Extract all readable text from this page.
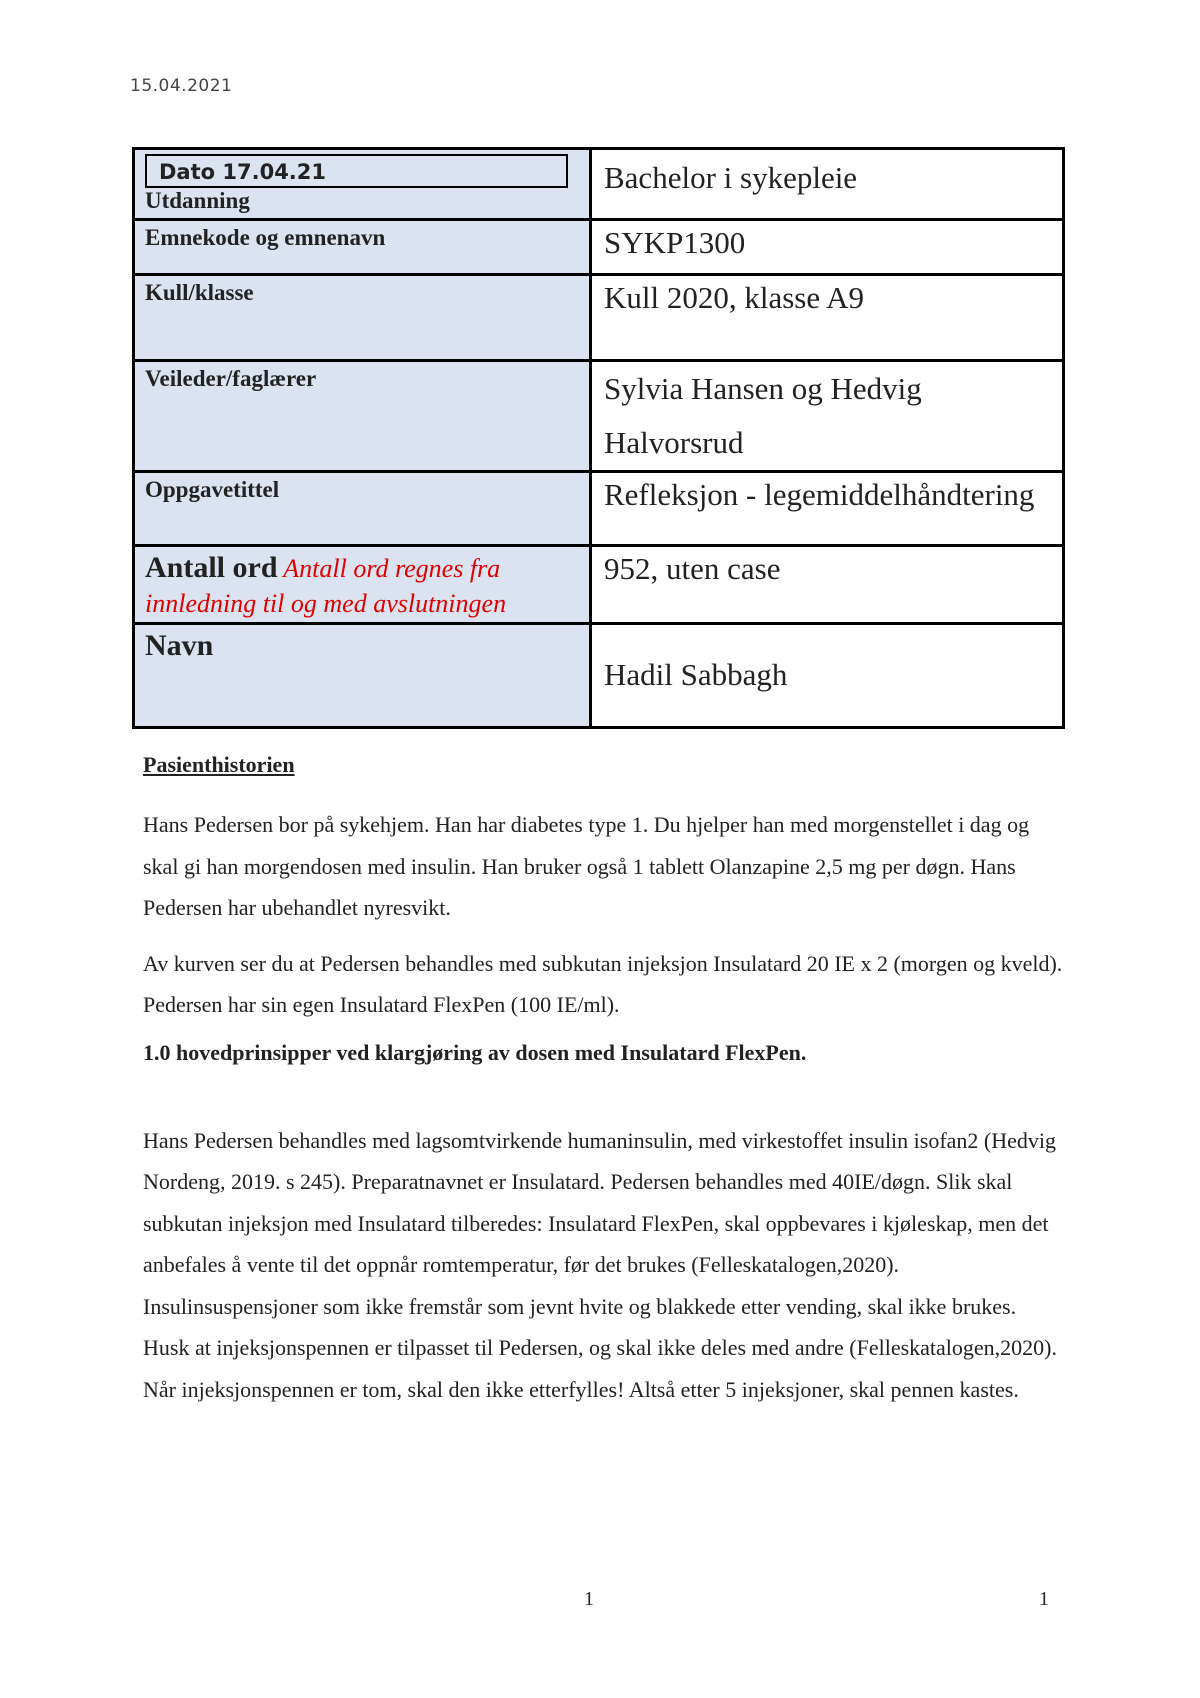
15.04.2021
Dato 17.04.21
Utdanning	Bachelor i sykepleie
Emnekode og emnenavn	SYKP1300
Kull/klasse	Kull 2020, klasse A9
Veileder/faglærer	Sylvia Hansen og Hedvig Halvorsrud
Oppgavetittel	Refleksjon - legemiddelhåndtering
Antall ord Antall ord regnes fra innledning til og med avslutningen	952, uten case
Navn	Hadil Sabbagh
Pasienthistorien

Hans Pedersen bor på sykehjem. Han har diabetes type 1. Du hjelper han med morgenstellet i dag og skal gi han morgendosen med insulin. Han bruker også 1 tablett Olanzapine 2,5 mg per døgn. Hans Pedersen har ubehandlet nyresvikt.

Av kurven ser du at Pedersen behandles med subkutan injeksjon Insulatard 20 IE x 2 (morgen og kveld). Pedersen har sin egen Insulatard FlexPen (100 IE/ml).

1.0 hovedprinsipper ved klargjøring av dosen med Insulatard FlexPen.

Hans Pedersen behandles med lagsomtvirkende humaninsulin, med virkestoffet insulin isofan2 (Hedvig Nordeng, 2019. s 245). Preparatnavnet er Insulatard. Pedersen behandles med 40IE/døgn. Slik skal subkutan injeksjon med Insulatard tilberedes: Insulatard FlexPen, skal oppbevares i kjøleskap, men det anbefales å vente til det oppnår romtemperatur, før det brukes (Felleskatalogen,2020). Insulinsuspensjoner som ikke fremstår som jevnt hvite og blakkede etter vending, skal ikke brukes. Husk at injeksjonspennen er tilpasset til Pedersen, og skal ikke deles med andre (Felleskatalogen,2020). Når injeksjonspennen er tom, skal den ikke etterfylles! Altså etter 5 injeksjoner, skal pennen kastes.

1	1
